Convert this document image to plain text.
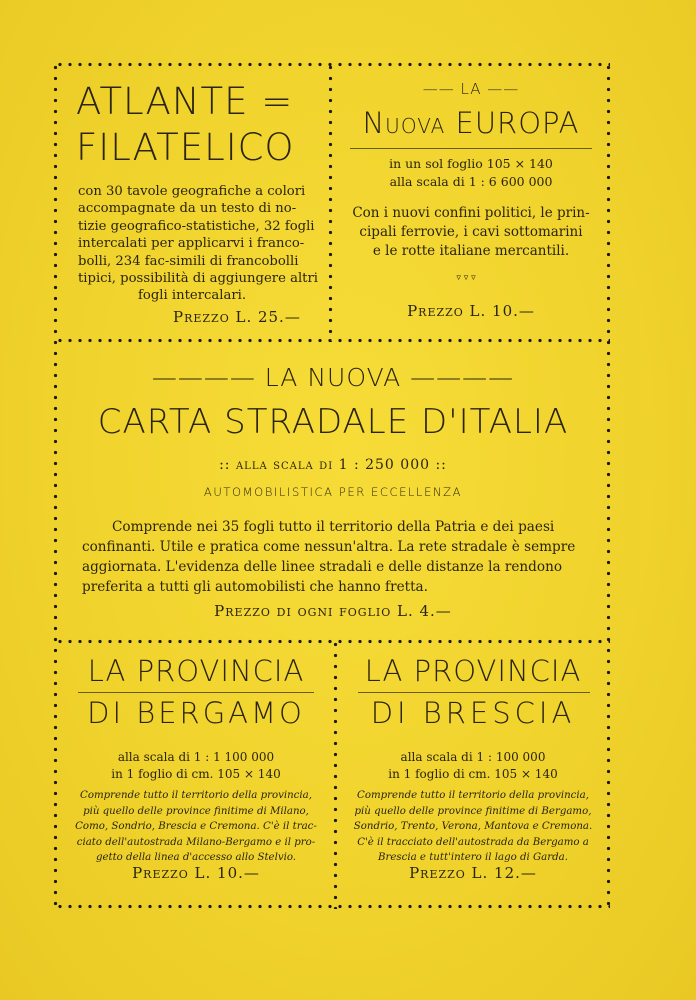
ATLANTE =
FILATELICO
con 30 tavole geografiche a colori
accompagnate da un testo di no-
tizie geografico-statistiche, 32 fogli
intercalati per applicarvi i franco-
bolli, 234 fac-simili di francobolli
tipici, possibilità di aggiungere altri
fogli intercalari.
Prezzo L. 25.—
—— LA ——
Nuova EUROPA
in un sol foglio 105 × 140
alla scala di 1 : 6 600 000
Con i nuovi confini politici, le prin-
cipali ferrovie, i cavi sottomarini
e le rotte italiane mercantili.
▿ ▿ ▿
Prezzo L. 10.—
———— LA NUOVA ————
CARTA STRADALE D'ITALIA
:: alla scala di 1 : 250 000 ::
AUTOMOBILISTICA PER ECCELLENZA
Comprende nei 35 fogli tutto il territorio della Patria e dei paesi
confinanti. Utile e pratica come nessun'altra. La rete stradale è sempre
aggiornata. L'evidenza delle linee stradali e delle distanze la rendono
preferita a tutti gli automobilisti che hanno fretta.
Prezzo di ogni foglio L. 4.—
LA PROVINCIA
DI BERGAMO
alla scala di 1 : 1 100 000
in 1 foglio di cm. 105 × 140
Comprende tutto il territorio della provincia,
più quello delle province finitime di Milano,
Como, Sondrio, Brescia e Cremona. C'è il trac-
ciato dell'autostrada Milano-Bergamo e il pro-
getto della linea d'accesso allo Stelvio.
Prezzo L. 10.—
LA PROVINCIA
DI BRESCIA
alla scala di 1 : 100 000
in 1 foglio di cm. 105 × 140
Comprende tutto il territorio della provincia,
più quello delle province finitime di Bergamo,
Sondrio, Trento, Verona, Mantova e Cremona.
C'è il tracciato dell'autostrada da Bergamo a
Brescia e tutt'intero il lago di Garda.
Prezzo L. 12.—
